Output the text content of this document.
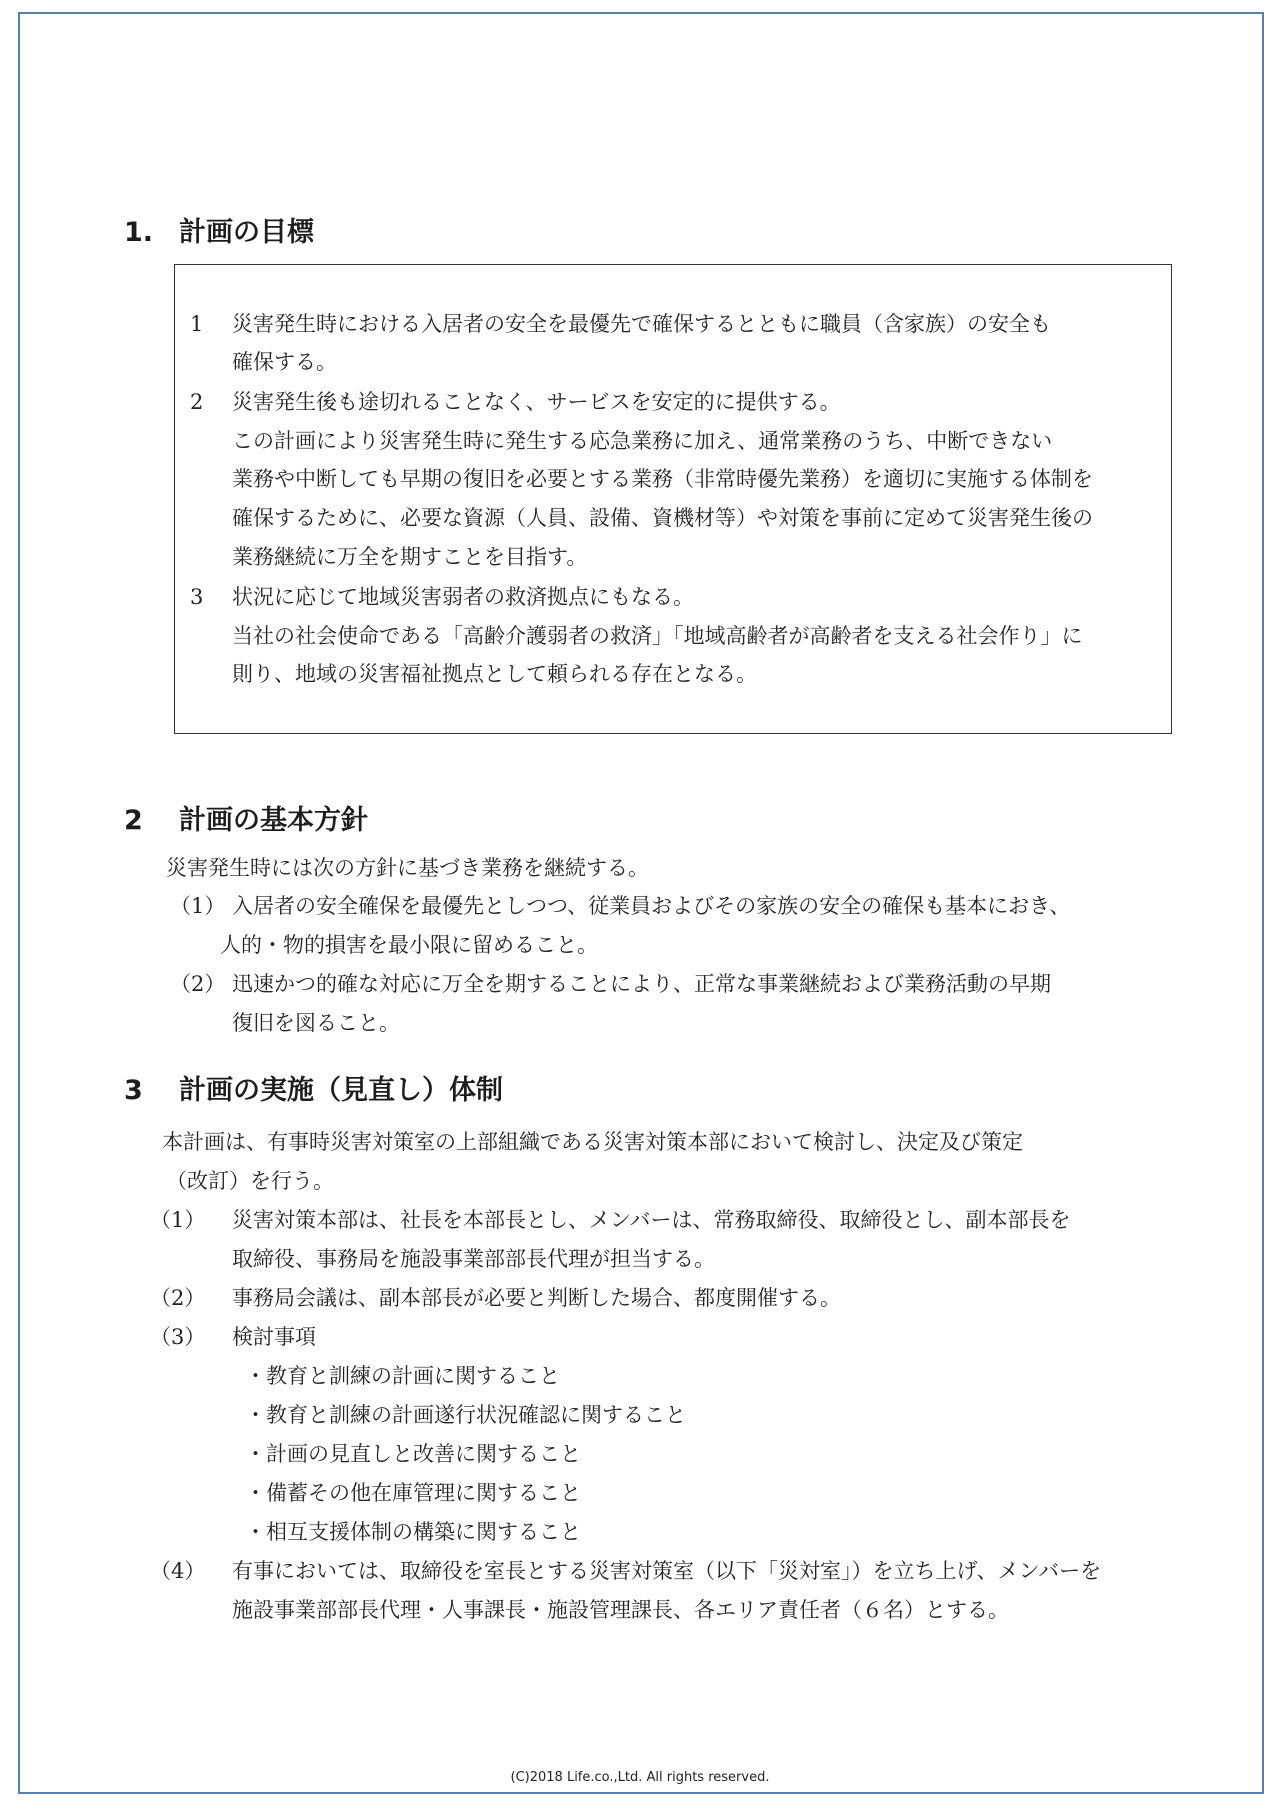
1. 計画の目標
1 災害発生時における入居者の安全を最優先で確保するとともに職員（含家族）の安全も
確保する。
2 災害発生後も途切れることなく、サービスを安定的に提供する。
この計画により災害発生時に発生する応急業務に加え、通常業務のうち、中断できない
業務や中断しても早期の復旧を必要とする業務（非常時優先業務）を適切に実施する体制を
確保するために、必要な資源（人員、設備、資機材等）や対策を事前に定めて災害発生後の
業務継続に万全を期すことを目指す。
3 状況に応じて地域災害弱者の救済拠点にもなる。
当社の社会使命である「高齢介護弱者の救済」「地域高齢者が高齢者を支える社会作り」に
則り、地域の災害福祉拠点として頼られる存在となる。
2 計画の基本方針
災害発生時には次の方針に基づき業務を継続する。
（1） 入居者の安全確保を最優先としつつ、従業員およびその家族の安全の確保も基本におき、
人的・物的損害を最小限に留めること。
（2） 迅速かつ的確な対応に万全を期することにより、正常な事業継続および業務活動の早期
復旧を図ること。
3 計画の実施（見直し）体制
本計画は、有事時災害対策室の上部組織である災害対策本部において検討し、決定及び策定
（改訂）を行う。
（1） 災害対策本部は、社長を本部長とし、メンバーは、常務取締役、取締役とし、副本部長を
取締役、事務局を施設事業部部長代理が担当する。
（2） 事務局会議は、副本部長が必要と判断した場合、都度開催する。
（3） 検討事項
・教育と訓練の計画に関すること
・教育と訓練の計画遂行状況確認に関すること
・計画の見直しと改善に関すること
・備蓄その他在庫管理に関すること
・相互支援体制の構築に関すること
（4） 有事においては、取締役を室長とする災害対策室（以下「災対室」）を立ち上げ、メンバーを
施設事業部部長代理・人事課長・施設管理課長、各エリア責任者（６名）とする。
(C)2018 Life.co.,Ltd. All rights reserved.
